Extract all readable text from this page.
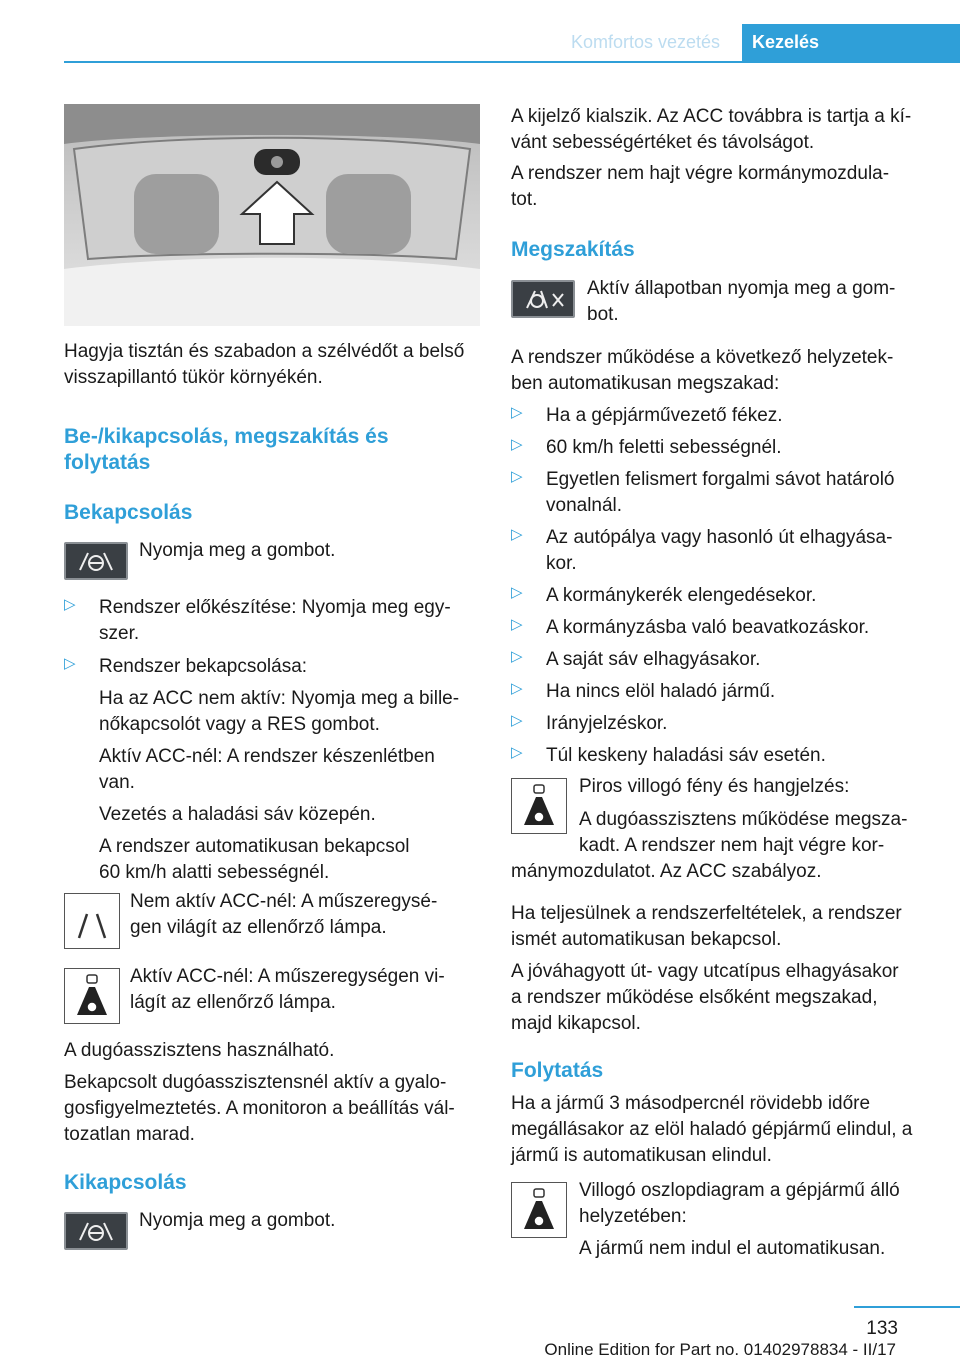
Komfortos vezetés	Kezelés

Hagyja tisztán és szabadon a szélvédőt a belső

visszapillantó tükör környékén.

Be-/kikapcsolás, megszakítás és

folytatás

Bekapcsolás

Nyomja meg a gombot.

▷ Rendszer előkészítése: Nyomja meg egy-

szer.

▷ Rendszer bekapcsolása:

Ha az ACC nem aktív: Nyomja meg a bille-

nőkapcsolót vagy a RES gombot.

Aktív ACC-nél: A rendszer készenlétben

van.

Vezetés a haladási sáv közepén.

A rendszer automatikusan bekapcsol

60 km/h alatti sebességnél.

Nem aktív ACC-nél: A műszeregysé-

gen világít az ellenőrző lámpa.

Aktív ACC-nél: A műszeregységen vi-

lágít az ellenőrző lámpa.

A dugóasszisztens használható.

Bekapcsolt dugóasszisztensnél aktív a gyalo-

gosfigyelmeztetés. A monitoron a beállítás vál-

tozatlan marad.

Kikapcsolás

Nyomja meg a gombot.

A kijelző kialszik. Az ACC továbbra is tartja a kí-

vánt sebességértéket és távolságot.

A rendszer nem hajt végre kormánymozdula-

tot.

Megszakítás

Aktív állapotban nyomja meg a gom-

bot.

A rendszer működése a következő helyzetek-

ben automatikusan megszakad:

▷ Ha a gépjárművezető fékez.

▷ 60 km/h feletti sebességnél.

▷ Egyetlen felismert forgalmi sávot határoló

vonalnál.

▷ Az autópálya vagy hasonló út elhagyása-

kor.

▷ A kormánykerék elengedésekor.

▷ A kormányzásba való beavatkozáskor.

▷ A saját sáv elhagyásakor.

▷ Ha nincs elöl haladó jármű.

▷ Irányjelzéskor.

▷ Túl keskeny haladási sáv esetén.

Piros villogó fény és hangjelzés:

A dugóasszisztens működése megsza-

kadt. A rendszer nem hajt végre kor-

mánymozdulatot. Az ACC szabályoz.

Ha teljesülnek a rendszerfeltételek, a rendszer

ismét automatikusan bekapcsol.

A jóváhagyott út- vagy utcatípus elhagyásakor

a rendszer működése elsőként megszakad,

majd kikapcsol.

Folytatás

Ha a jármű 3 másodpercnél rövidebb időre

megállásakor az elöl haladó gépjármű elindul, a

jármű is automatikusan elindul.

Villogó oszlopdiagram a gépjármű álló

helyzetében:

A jármű nem indul el automatikusan.

133
Online Edition for Part no. 01402978834 - II/17
